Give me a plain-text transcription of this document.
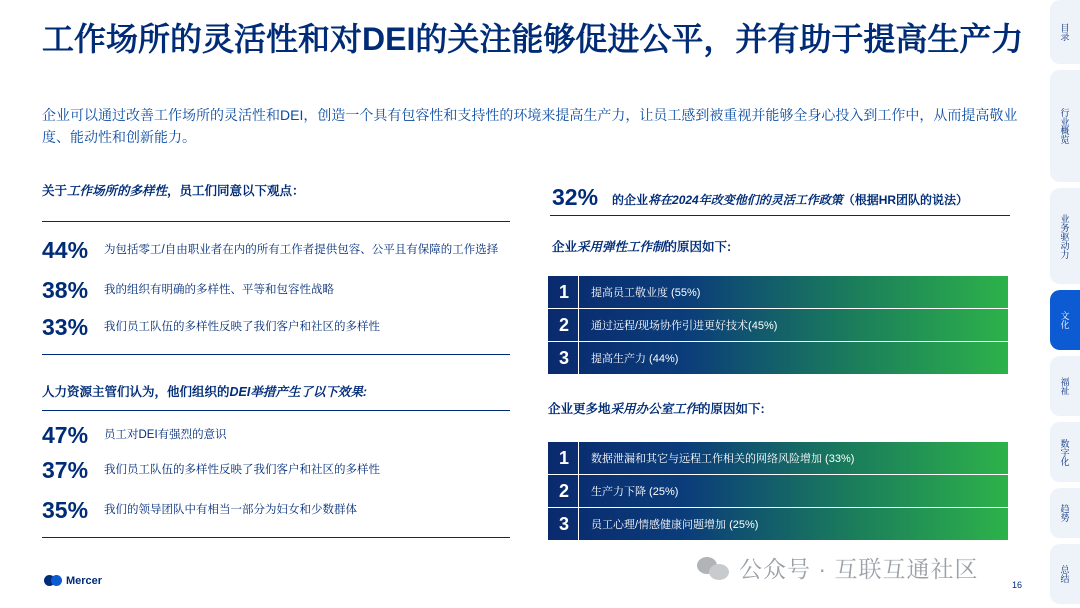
工作场所的灵活性和对DEI的关注能够促进公平，并有助于提高生产力

企业可以通过改善工作场所的灵活性和DEI，创造一个具有包容性和支持性的环境来提高生产力，让员工感到被重视并能够全身心投入到工作中，从而提高敬业度、能动性和创新能力。

关于工作场所的多样性，员工们同意以下观点：
44%	为包括零工/自由职业者在内的所有工作者提供包容、公平且有保障的工作选择
38%	我的组织有明确的多样性、平等和包容性战略
33%	我们员工队伍的多样性反映了我们客户和社区的多样性
人力资源主管们认为，他们组织的DEI举措产生了以下效果:
47%	员工对DEI有强烈的意识
37%	我们员工队伍的多样性反映了我们客户和社区的多样性
35%	我们的领导团队中有相当一部分为妇女和少数群体
32% 的企业将在2024年改变他们的灵活工作政策（根据HR团队的说法）
企业采用弹性工作制的原因如下:
1	提高员工敬业度 (55%)
2	通过远程/现场协作引进更好技术(45%)
3	提高生产力 (44%)
企业更多地采用办公室工作的原因如下:
1	数据泄漏和其它与远程工作相关的网络风险增加 (33%)
2	生产力下降 (25%)
3	员工心理/情感健康问题增加 (25%)
目录
行业概览
业务驱动力
文化
福祉
数字化
趋势
总结
Mercer	16
公众号 · 互联互通社区
